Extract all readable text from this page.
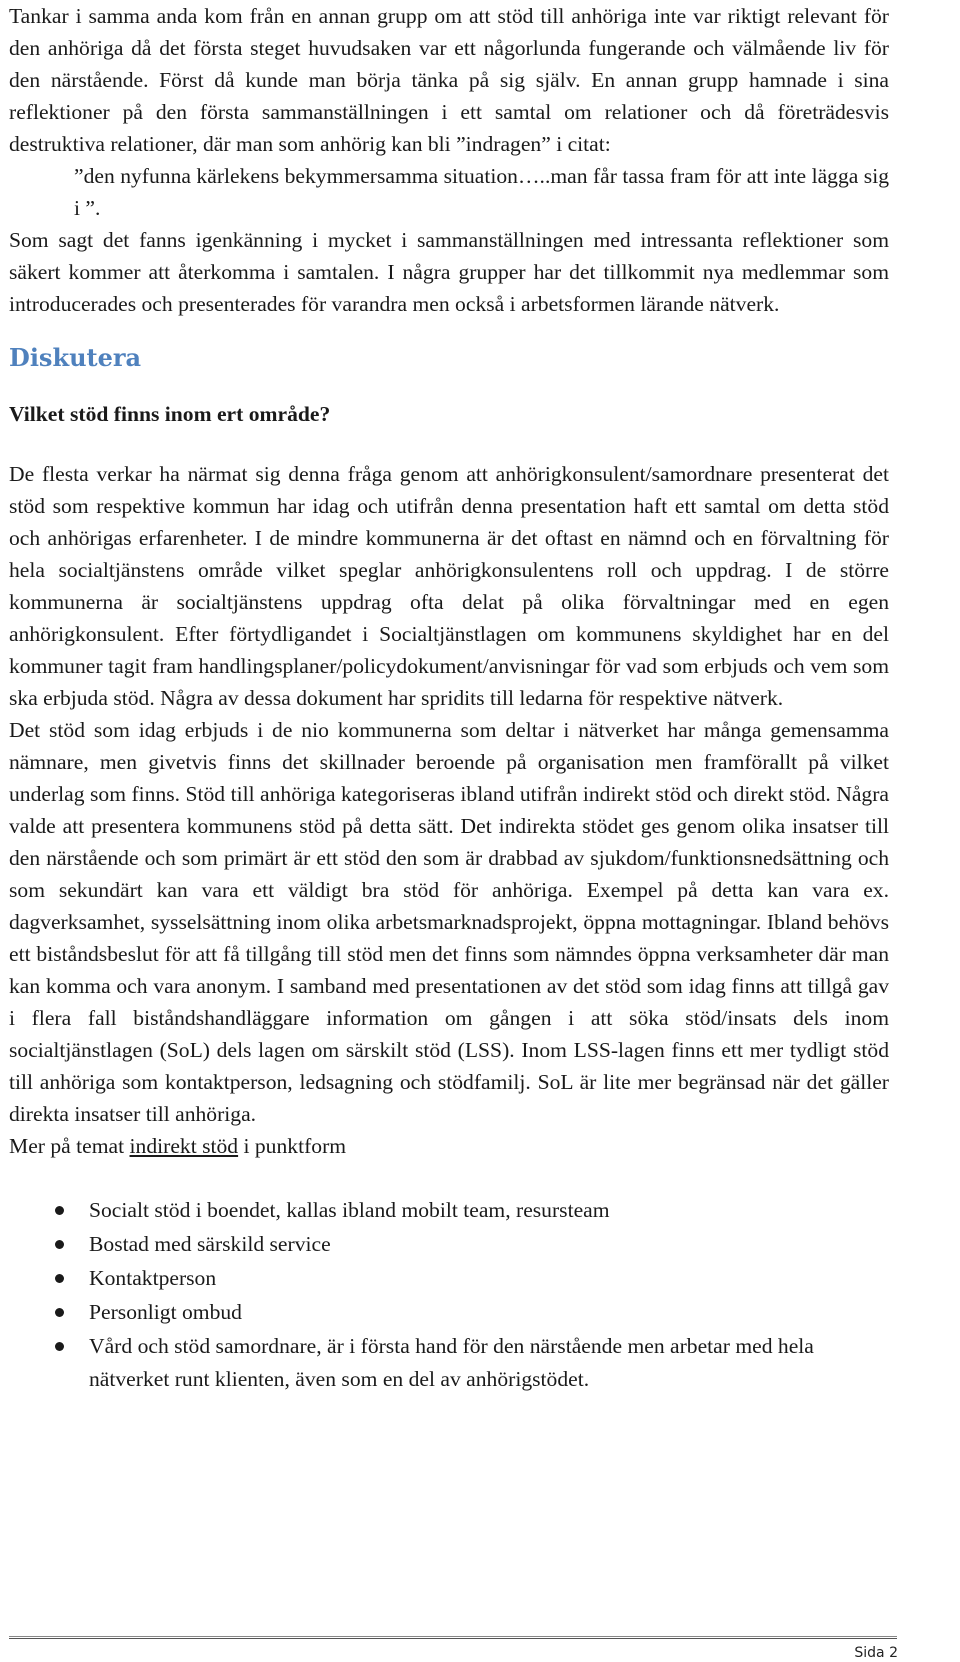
Tankar i samma anda kom från en annan grupp om att stöd till anhöriga inte var riktigt relevant för den anhöriga då det första steget huvudsaken var ett någorlunda fungerande och välmående liv för den närstående. Först då kunde man börja tänka på sig själv. En annan grupp hamnade i sina reflektioner på den första sammanställningen i ett samtal om relationer och då företrädesvis destruktiva relationer, där man som anhörig kan bli ”indragen” i citat:

”den nyfunna kärlekens bekymmersamma situation…..man får tassa fram för att inte lägga sig i ”.

Som sagt det fanns igenkänning i mycket i sammanställningen med intressanta reflektioner som säkert kommer att återkomma i samtalen. I några grupper har det tillkommit nya medlemmar som introducerades och presenterades för varandra men också i arbetsformen lärande nätverk.

Diskutera
Vilket stöd finns inom ert område?

De flesta verkar ha närmat sig denna fråga genom att anhörigkonsulent/samordnare presenterat det stöd som respektive kommun har idag och utifrån denna presentation haft ett samtal om detta stöd och anhörigas erfarenheter. I de mindre kommunerna är det oftast en nämnd och en förvaltning för hela socialtjänstens område vilket speglar anhörigkonsulentens roll och uppdrag. I de större kommunerna är socialtjänstens uppdrag ofta delat på olika förvaltningar med en egen anhörigkonsulent. Efter förtydligandet i Socialtjänstlagen om kommunens skyldighet har en del kommuner tagit fram handlingsplaner/policydokument/anvisningar för vad som erbjuds och vem som ska erbjuda stöd. Några av dessa dokument har spridits till ledarna för respektive nätverk.

Det stöd som idag erbjuds i de nio kommunerna som deltar i nätverket har många gemensamma nämnare, men givetvis finns det skillnader beroende på organisation men framförallt på vilket underlag som finns. Stöd till anhöriga kategoriseras ibland utifrån indirekt stöd och direkt stöd. Några valde att presentera kommunens stöd på detta sätt. Det indirekta stödet ges genom olika insatser till den närstående och som primärt är ett stöd den som är drabbad av sjukdom/funktionsnedsättning och som sekundärt kan vara ett väldigt bra stöd för anhöriga. Exempel på detta kan vara ex. dagverksamhet, sysselsättning inom olika arbetsmarknadsprojekt, öppna mottagningar. Ibland behövs ett biståndsbeslut för att få tillgång till stöd men det finns som nämndes öppna verksamheter där man kan komma och vara anonym. I samband med presentationen av det stöd som idag finns att tillgå gav i flera fall biståndshandläggare information om gången i att söka stöd/insats dels inom socialtjänstlagen (SoL) dels lagen om särskilt stöd (LSS). Inom LSS-lagen finns ett mer tydligt stöd till anhöriga som kontaktperson, ledsagning och stödfamilj. SoL är lite mer begränsad när det gäller direkta insatser till anhöriga.

Mer på temat indirekt stöd i punktform

Socialt stöd i boendet, kallas ibland mobilt team, resursteam
Bostad med särskild service
Kontaktperson
Personligt ombud
Vård och stöd samordnare, är i första hand för den närstående men arbetar med hela nätverket runt klienten, även som en del av anhörigstödet.
Sida 2
